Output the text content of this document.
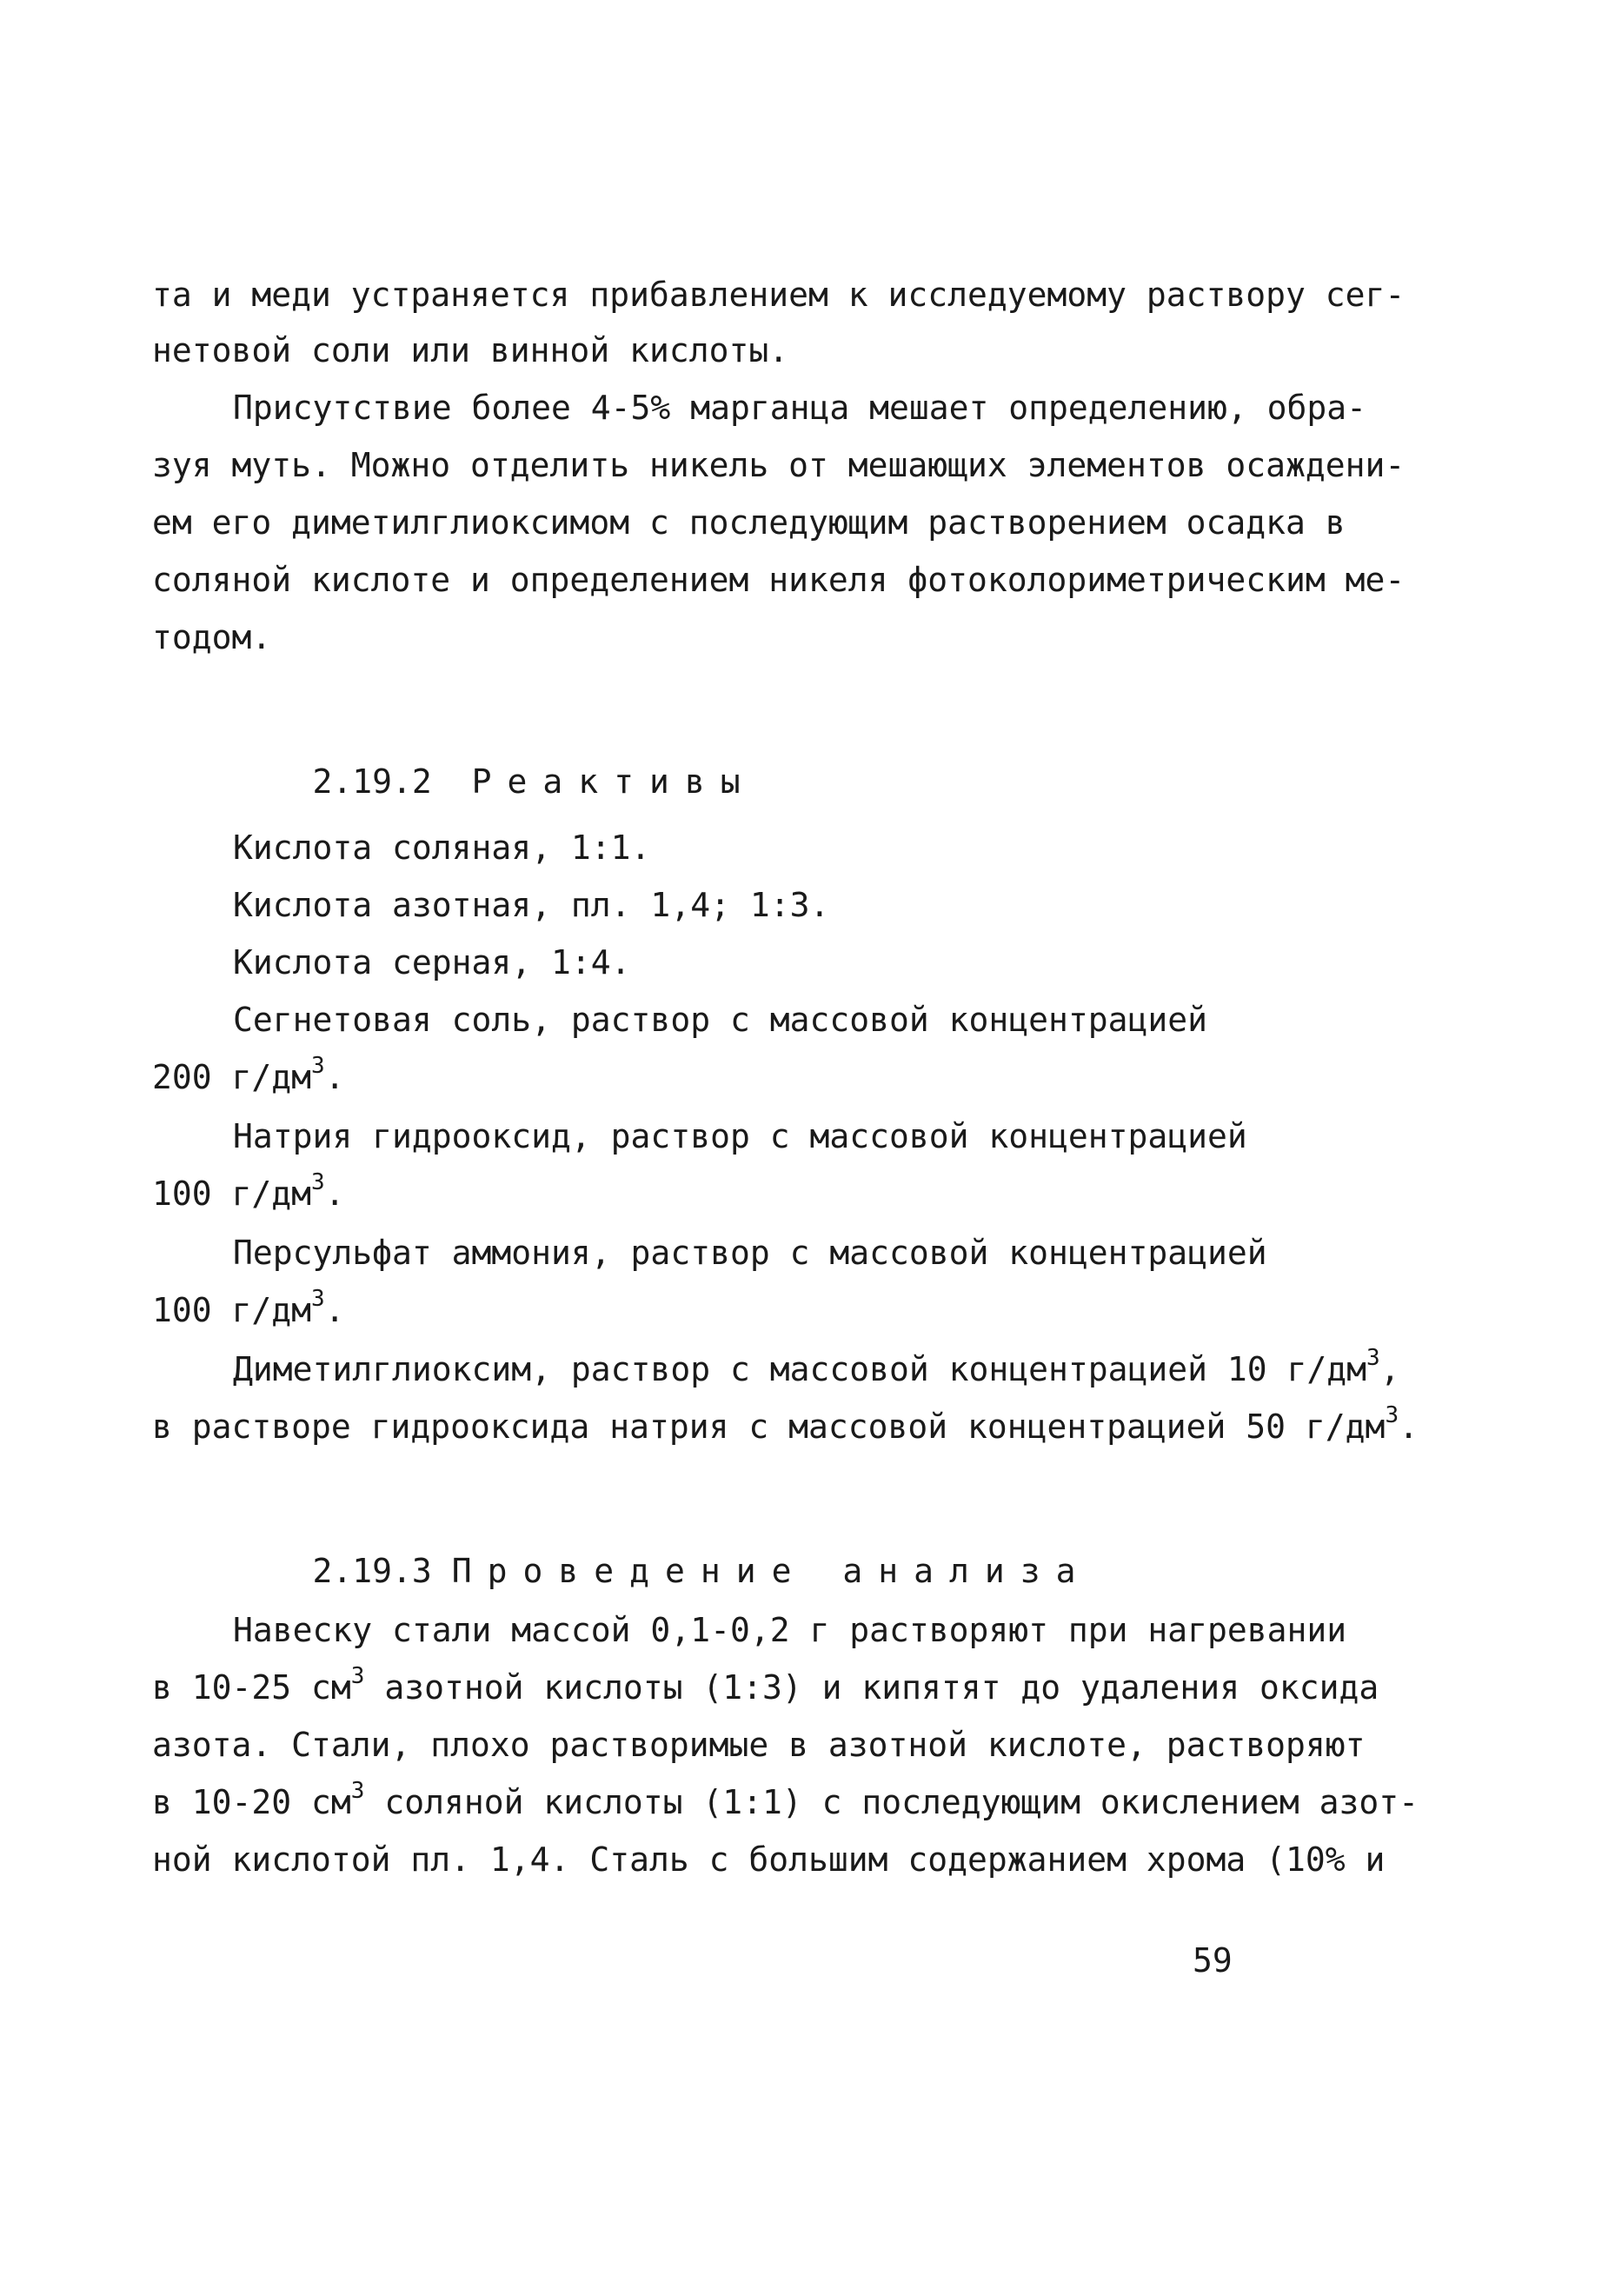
та и меди устраняется прибавлением к исследуемому раствору сег-
нетовой соли или винной кислоты.
Присутствие более 4-5% марганца мешает определению, обра-
зуя муть. Можно отделить никель от мешающих элементов осаждени-
ем его диметилглиоксимом с последующим растворением осадка в
соляной кислоте и определением никеля фотоколориметрическим ме-
тодом.

2.19.2 Реактивы

Кислота соляная, 1:1.
Кислота азотная, пл. 1,4; 1:3.
Кислота серная, 1:4.
Сегнетовая соль, раствор с массовой концентрацией
200 $г/дм^3$.
Натрия гидрооксид, раствор с массовой концентрацией
100 $г/дм^3$.
Персульфат аммония, раствор с массовой концентрацией
100 $г/дм^3$.
Диметилглиоксим, раствор с массовой концентрацией 10 $г/дм^3$,
в растворе гидрооксида натрия с массовой концентрацией 50 $г/дм^3$.

2.19.3 Проведение анализа

Навеску стали массой 0,1-0,2 г растворяют при нагревании
в 10-25 $см^3$ азотной кислоты (1:3) и кипятят до удаления оксида
азота. Стали, плохо растворимые в азотной кислоте, растворяют
в 10-20 $см^3$ соляной кислоты (1:1) с последующим окислением азот-
ной кислотой пл. 1,4. Сталь с большим содержанием хрома (10% и
59
